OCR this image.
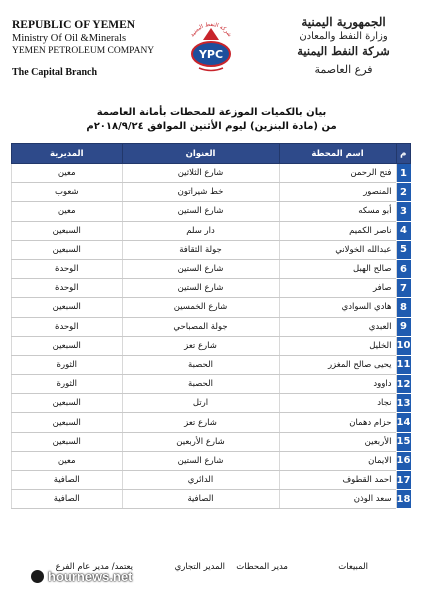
REPUBLIC OF YEMEN
Ministry Of Oil &Minerals
YEMEN PETROLEUM COMPANY
The Capital Branch
شركة النفط اليمنية
YPC
الجمهورية اليمنية
وزارة النفط والمعادن
شركة النفط اليمنية
فرع العاصمة
بيان بالكميات الموزعة للمحطات بأمانة العاصمة
من (مادة البنزين) ليوم الأثنين الموافق ٢٠١٨/٩/٢٤م
م	اسم المحطة	العنوان	المديرية
1	فتح الرحمن	شارع الثلاثين	معين
2	المنصور	خط شيراتون	شعوب
3	أبو مسكه	شارع الستين	معين
4	ناصر الكميم	دار سلم	السبعين
5	عبدالله الخولاني	جولة الثقافة	السبعين
6	صالح الهبل	شارع الستين	الوحدة
7	صافر	شارع الستين	الوحدة
8	هادي السوادي	شارع الخمسين	السبعين
9	العبدي	جولة المصباحي	الوحدة
10	الخليل	شارع تعز	السبعين
11	يحيى صالح المغزر	الحصبة	الثورة
12	داوود	الحصبة	الثورة
13	نجاد	ارتل	السبعين
14	حزام دهمان	شارع تعز	السبعين
15	الأربعين	شارع الأربعين	السبعين
16	الايمان	شارع الستين	معين
17	احمد القطوف	الدائري	الصافية
18	سعد الوذن	الصافية	الصافية
المبيعات
مدير المحطات
المدير التجاري
يعتمد/ مدير عام الفرع
hournews.net
